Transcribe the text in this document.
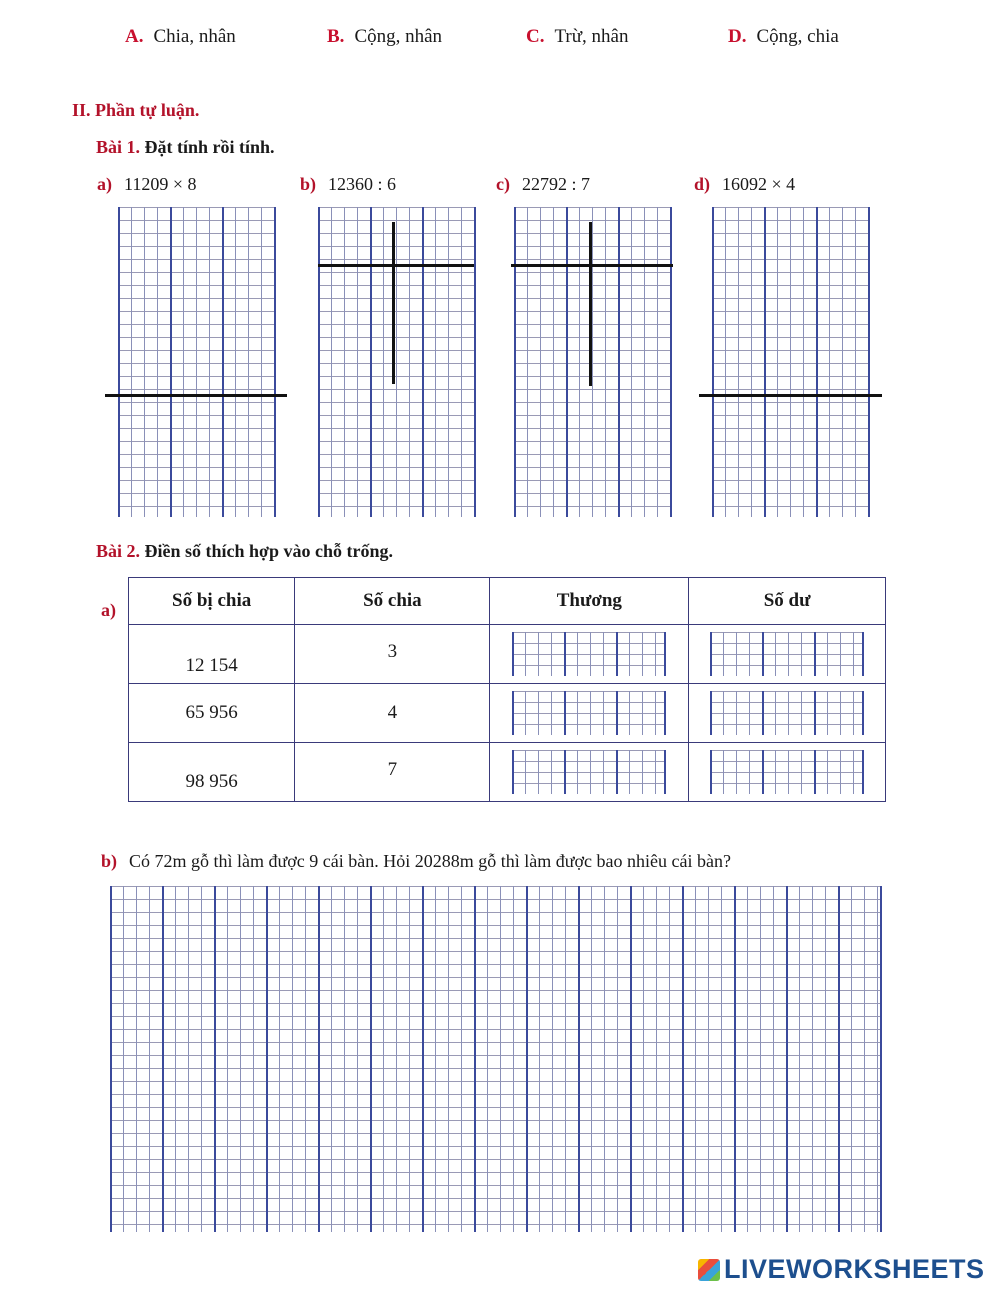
A. Chia, nhân	B. Cộng, nhân	C. Trừ, nhân	D. Cộng, chia
II. Phần tự luận.
Bài 1. Đặt tính rồi tính.
a) 11209 × 8	b) 12360 : 6	c) 22792 : 7	d) 16092 × 4
Bài 2. Điền số thích hợp vào chỗ trống.
a)	Số bị chia	Số chia	Thương	Số dư
12 154	3	

65 956	4	

98 956	7	

b) Có 72m gỗ thì làm được 9 cái bàn. Hỏi 20288m gỗ thì làm được bao nhiêu cái bàn?
LIVEWORKSHEETS
